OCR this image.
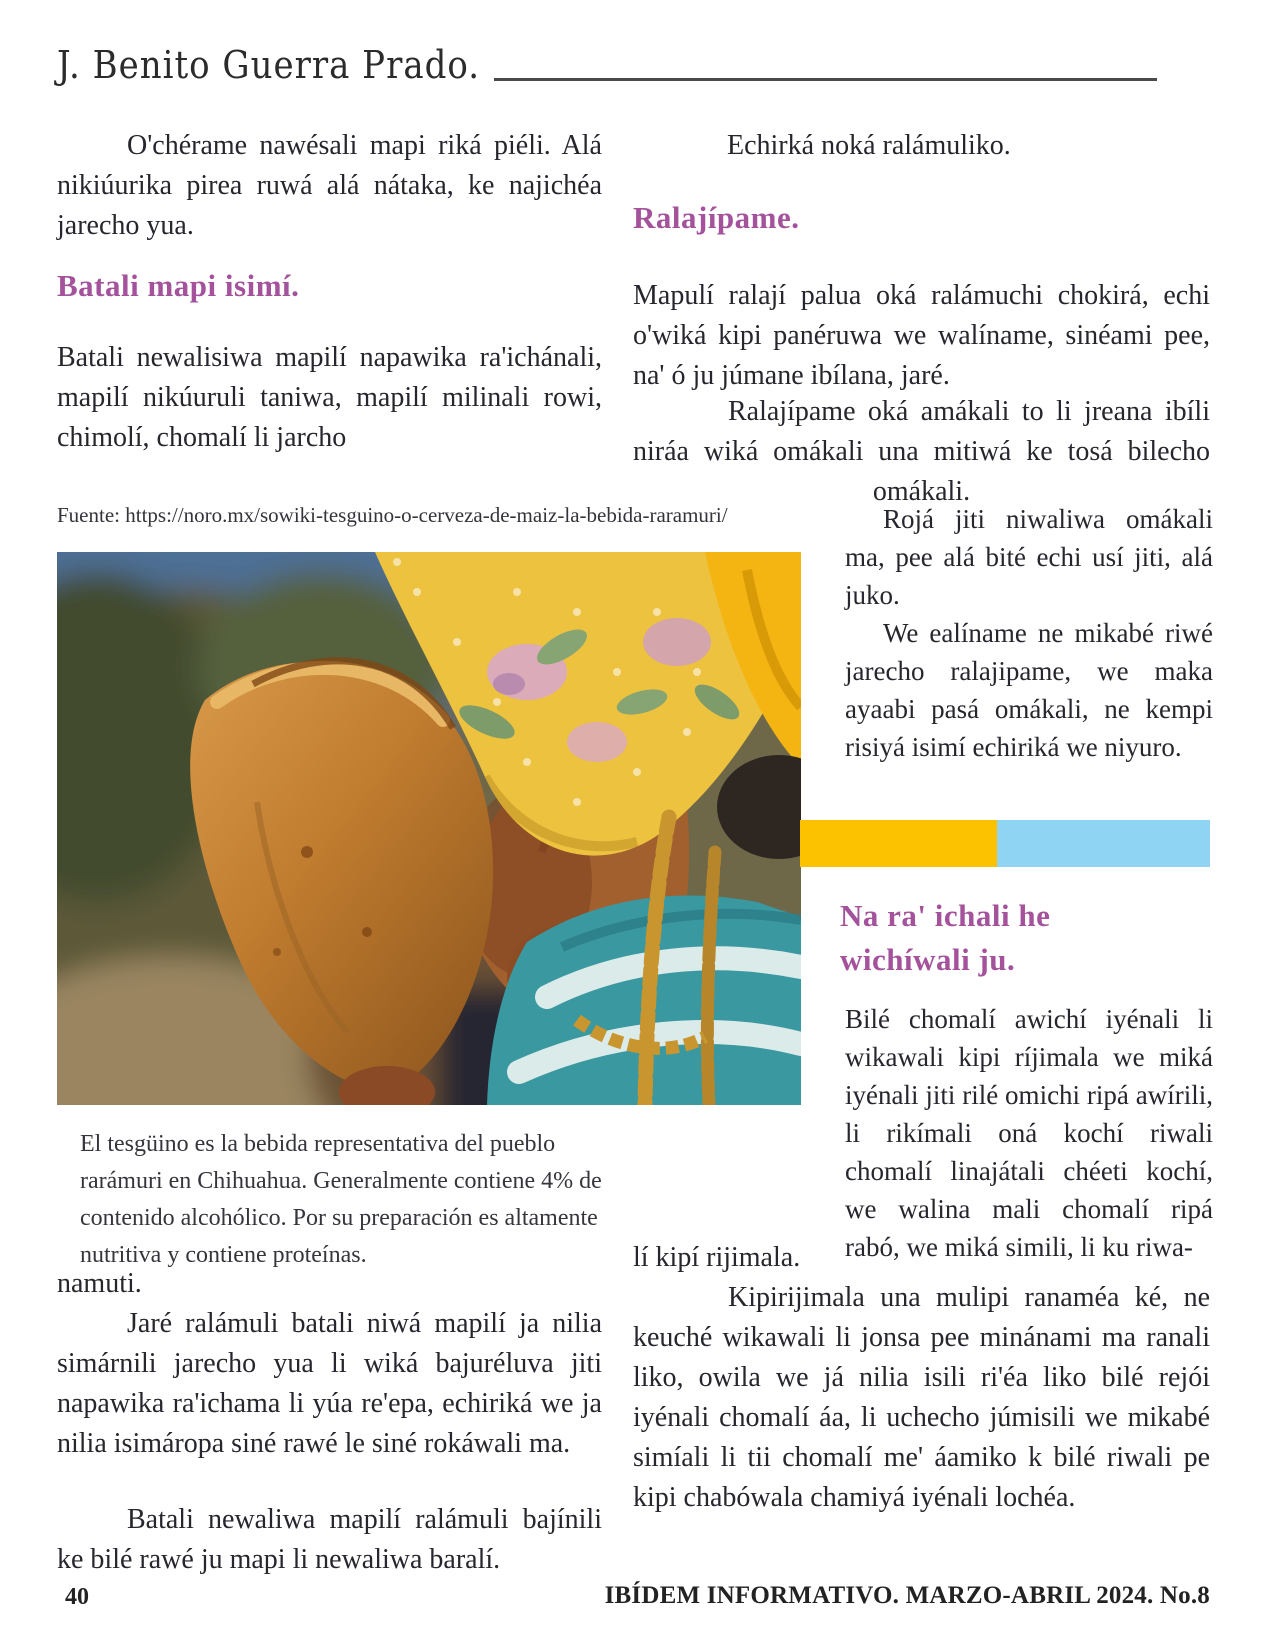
J. Benito Guerra Prado.
O'chérame nawésali mapi riká piéli. Alá nikiúurika pirea ruwá alá nátaka, ke najichéa jarecho yua.
Batali mapi isimí.
Batali newalisiwa mapilí napawika ra'ichánali, mapilí nikúuruli taniwa, mapilí milinali rowi, chimolí, chomalí li jarcho
Fuente: https://noro.mx/sowiki-tesguino-o-cerveza-de-maiz-la-bebida-raramuri/
El tesgüino es la bebida representativa del pueblo rarámuri en Chihuahua. Generalmente contiene 4% de contenido alcohólico. Por su preparación es altamente nutritiva y contiene proteínas.
namuti.
Jaré ralámuli batali niwá mapilí ja nilia simárnili jarecho yua li wiká bajuréluva jiti napawika ra'ichama li yúa re'epa, echiriká we ja nilia isimáropa siné rawé le siné rokáwali ma.
Batali newaliwa mapilí ralámuli bajínili ke bilé rawé ju mapi li newaliwa baralí.
Echirká noká ralámuliko.
Ralajípame.
Mapulí ralají palua oká ralámuchi chokirá, echi o'wiká kipi panéruwa we walíname, sinéami pee, na' ó ju júmane ibílana, jaré.
Ralajípame oká amákali to li jreana ibíli niráa wiká omákali una mitiwá ke tosá bilecho omákali.
Rojá jiti niwaliwa omákali ma, pee alá bité echi usí jiti, alá juko.
We ealíname ne mikabé riwé jarecho ralajipame, we maka ayaabi pasá omákali, ne kempi risiyá isimí echiriká we niyuro.
Na ra' ichali he wichíwali ju.
Bilé chomalí awichí iyénali li wikawali kipi ríjimala we miká iyénali jiti rilé omichi ripá awírili, li rikímali oná kochí riwali chomalí linajátali chéeti kochí, we walina mali chomalí ripá rabó, we miká simili, li ku riwa-
lí kipí rijimala.
Kipirijimala una mulipi ranaméa ké, ne keuché wikawali li jonsa pee minánami ma ranali liko, owila we já nilia isili ri'éa liko bilé rejói iyénali chomalí áa, li uchecho júmisili we mikabé simíali li tii chomalí me' áamiko k bilé riwali pe kipi chabówala chamiyá iyénali lochéa.
40	IBÍDEM INFORMATIVO. MARZO-ABRIL 2024. No.8
